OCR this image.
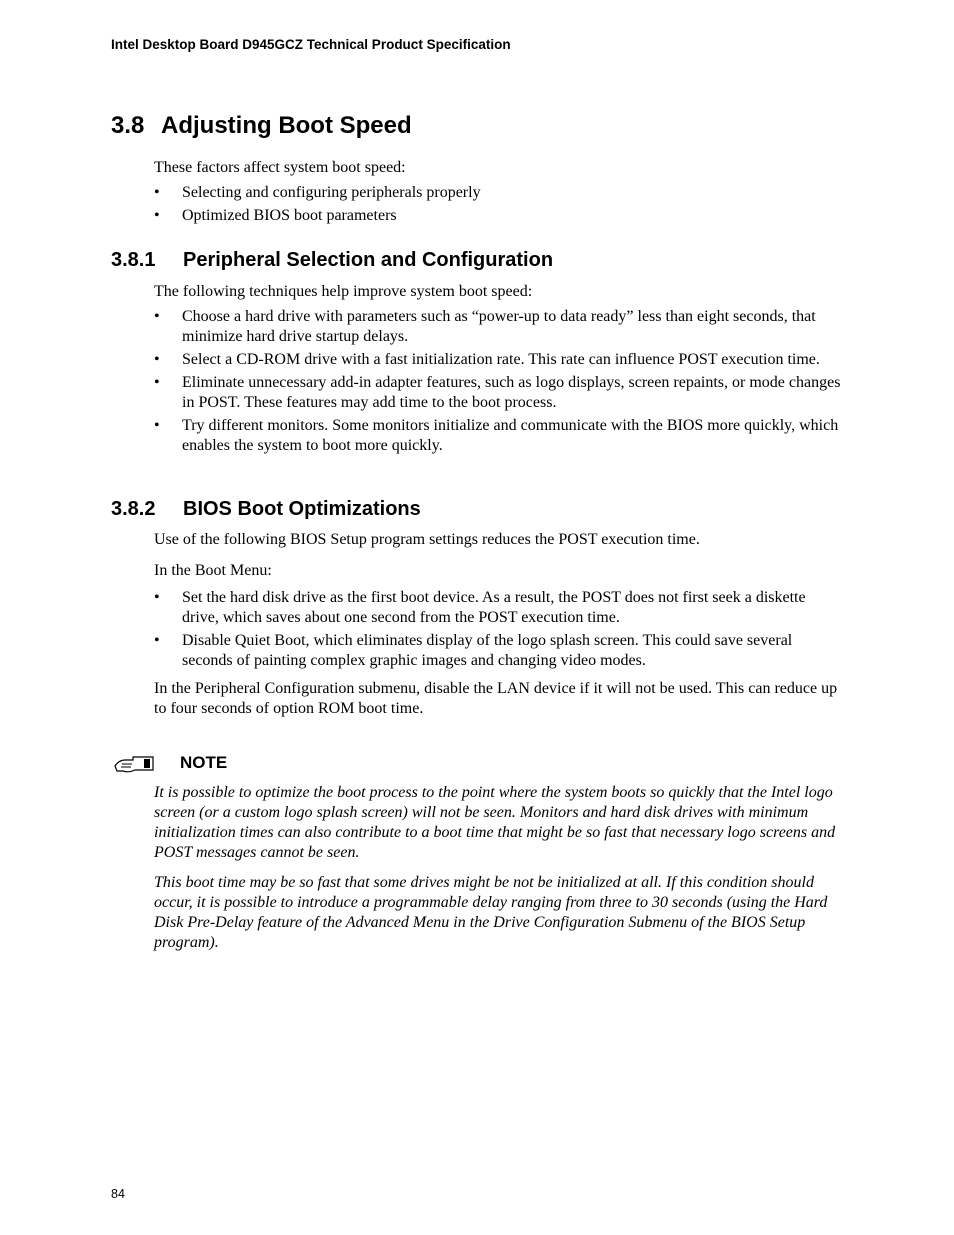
Intel Desktop Board D945GCZ Technical Product Specification
3.8 Adjusting Boot Speed

These factors affect system boot speed:

• Selecting and configuring peripherals properly
• Optimized BIOS boot parameters
3.8.1 Peripheral Selection and Configuration

The following techniques help improve system boot speed:

• Choose a hard drive with parameters such as “power-up to data ready” less than eight seconds, that minimize hard drive startup delays.
• Select a CD-ROM drive with a fast initialization rate. This rate can influence POST execution time.
• Eliminate unnecessary add-in adapter features, such as logo displays, screen repaints, or mode changes in POST. These features may add time to the boot process.
• Try different monitors. Some monitors initialize and communicate with the BIOS more quickly, which enables the system to boot more quickly.
3.8.2 BIOS Boot Optimizations

Use of the following BIOS Setup program settings reduces the POST execution time.

In the Boot Menu:

• Set the hard disk drive as the first boot device. As a result, the POST does not first seek a diskette drive, which saves about one second from the POST execution time.
• Disable Quiet Boot, which eliminates display of the logo splash screen. This could save several seconds of painting complex graphic images and changing video modes.

In the Peripheral Configuration submenu, disable the LAN device if it will not be used. This can reduce up to four seconds of option ROM boot time.

NOTE

It is possible to optimize the boot process to the point where the system boots so quickly that the Intel logo screen (or a custom logo splash screen) will not be seen. Monitors and hard disk drives with minimum initialization times can also contribute to a boot time that might be so fast that necessary logo screens and POST messages cannot be seen.

This boot time may be so fast that some drives might be not be initialized at all. If this condition should occur, it is possible to introduce a programmable delay ranging from three to 30 seconds (using the Hard Disk Pre-Delay feature of the Advanced Menu in the Drive Configuration Submenu of the BIOS Setup program).

84
